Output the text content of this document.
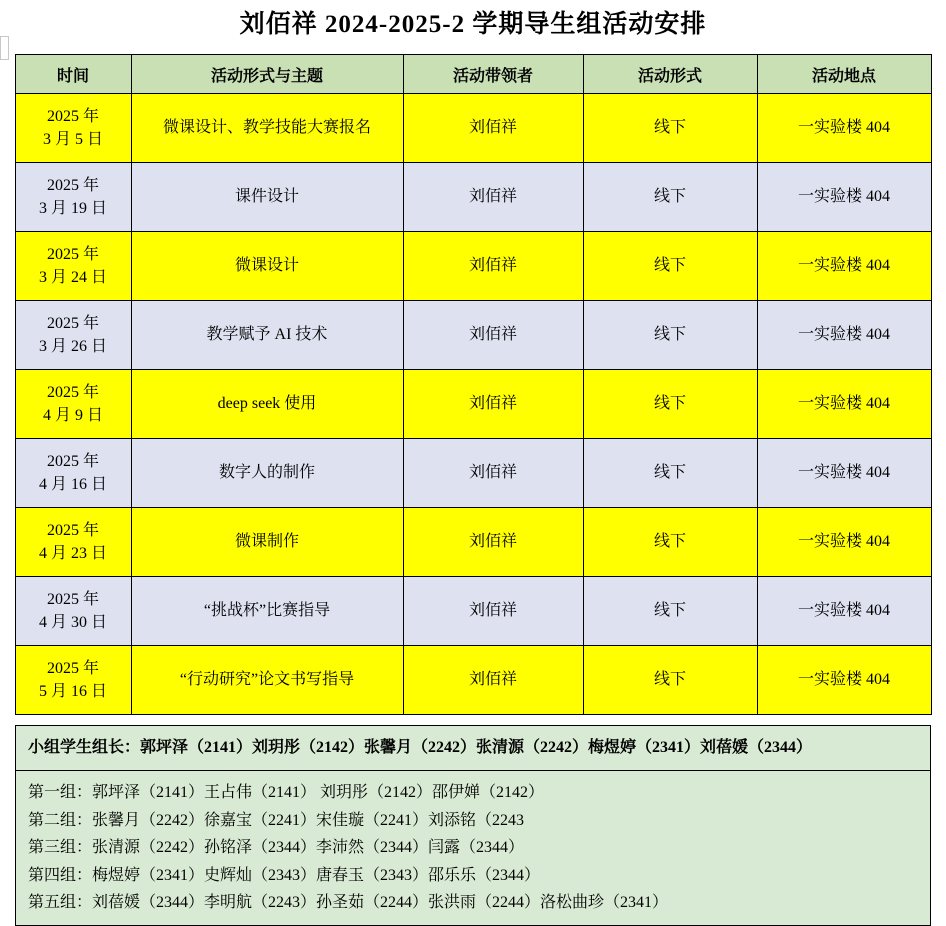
刘佰祥 2024-2025-2 学期导生组活动安排
时间	活动形式与主题	活动带领者	活动形式	活动地点

2025 年
3 月 5 日	微课设计、教学技能大赛报名	刘佰祥	线下	一实验楼 404

2025 年
3 月 19 日	课件设计	刘佰祥	线下	一实验楼 404

2025 年
3 月 24 日	微课设计	刘佰祥	线下	一实验楼 404

2025 年
3 月 26 日	教学赋予 AI 技术	刘佰祥	线下	一实验楼 404

2025 年
4 月 9 日	deep seek 使用	刘佰祥	线下	一实验楼 404

2025 年
4 月 16 日	数字人的制作	刘佰祥	线下	一实验楼 404

2025 年
4 月 23 日	微课制作	刘佰祥	线下	一实验楼 404

2025 年
4 月 30 日	“挑战杯”比赛指导	刘佰祥	线下	一实验楼 404

2025 年
5 月 16 日	“行动研究”论文书写指导	刘佰祥	线下	一实验楼 404
小组学生组长：郭坪泽（2141）刘玥彤（2142）张馨月（2242）张清源（2242）梅煜婷（2341）刘蓓媛（2344）
第一组：郭坪泽（2141）王占伟（2141） 刘玥彤（2142）邵伊婵（2142）
第二组：张馨月（2242）徐嘉宝（2241）宋佳璇（2241）刘添铭（2243
第三组：张清源（2242）孙铭泽（2344）李沛然（2344）闫露（2344）
第四组：梅煜婷（2341）史辉灿（2343）唐春玉（2343）邵乐乐（2344）
第五组：刘蓓媛（2344）李明航（2243）孙圣茹（2244）张洪雨（2244）洛松曲珍（2341）
